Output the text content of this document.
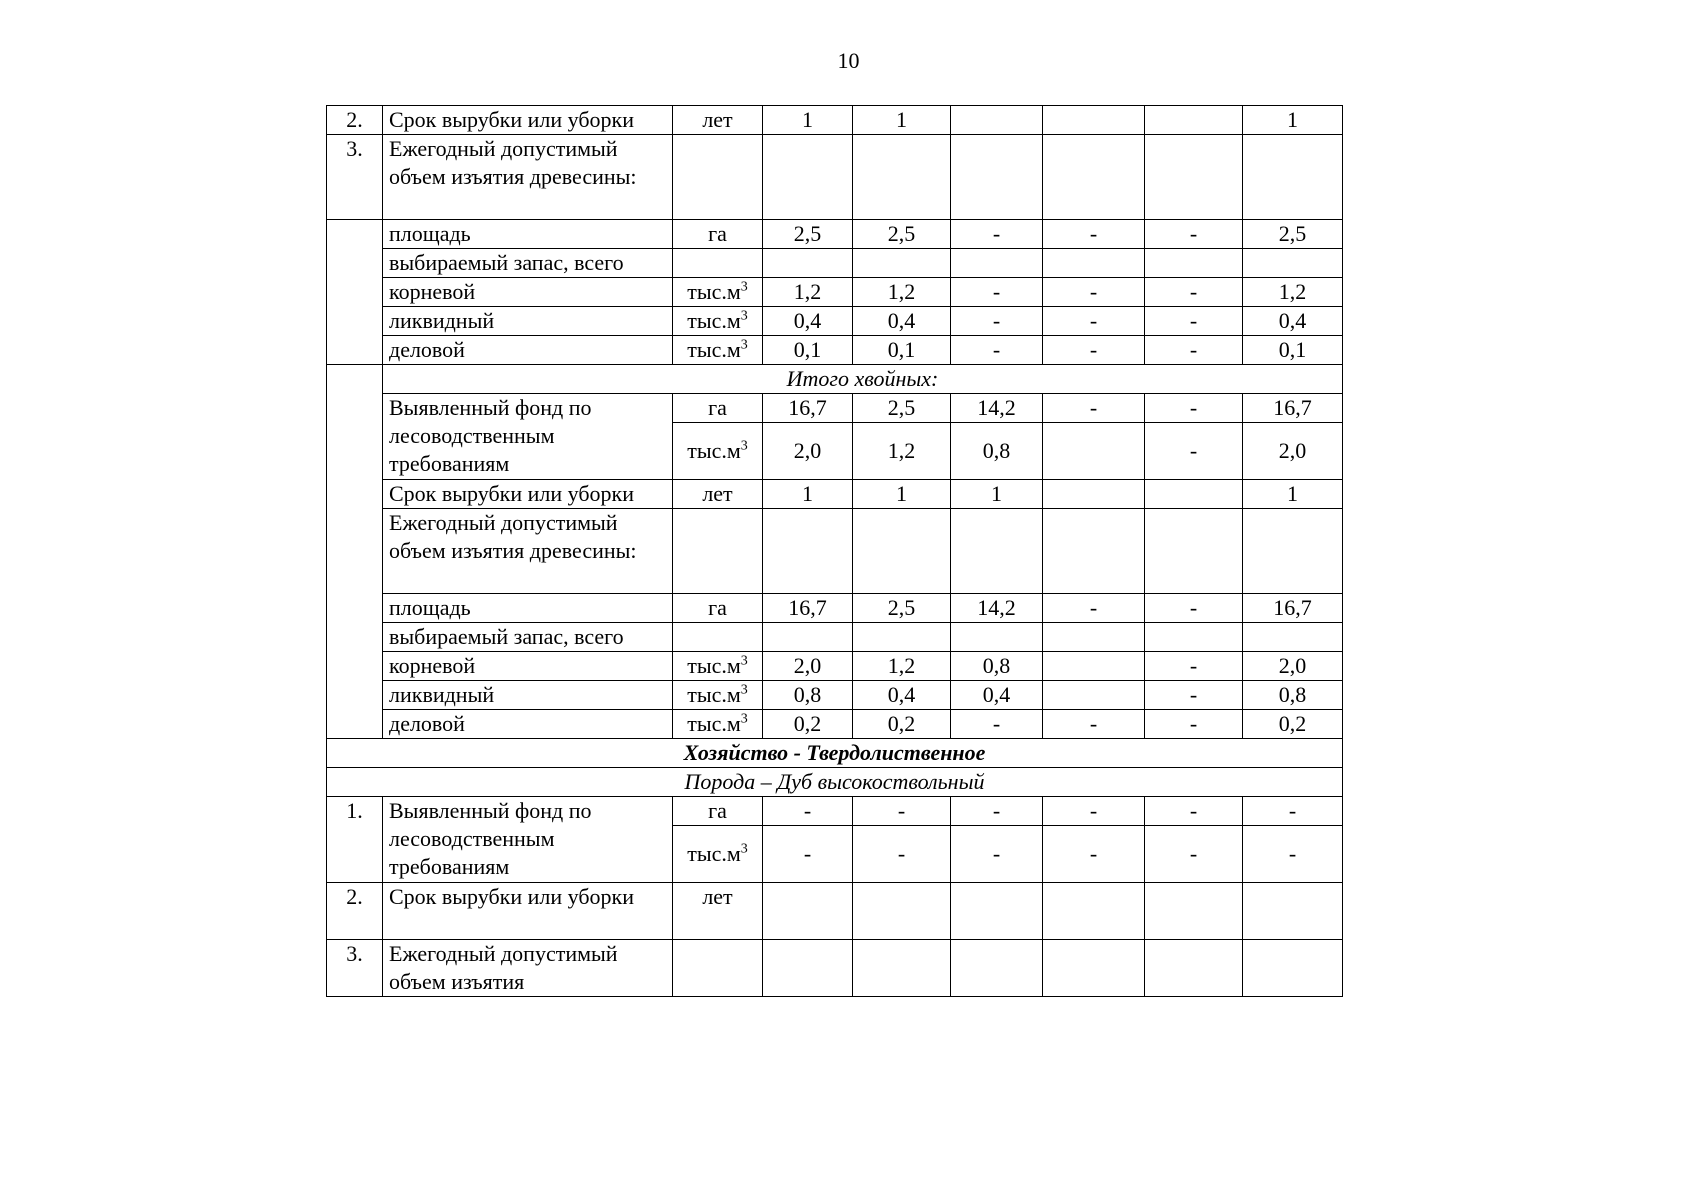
10
2.	Срок вырубки или уборки	лет	1	1				1
3.	Ежегодный допустимый объем изъятия древесины:							
	площадь	га	2,5	2,5	-	-	-	2,5
	выбираемый запас, всего							
	корневой	$тыс.м^3$	1,2	1,2	-	-	-	1,2
	ликвидный	$тыс.м^3$	0,4	0,4	-	-	-	0,4
	деловой	$тыс.м^3$	0,1	0,1	-	-	-	0,1
	Итого хвойных:							
	Выявленный фонд по лесоводственным требованиям	га	16,7	2,5	14,2	-	-	16,7
		$тыс.м^3$	2,0	1,2	0,8		-	2,0
	Срок вырубки или уборки	лет	1	1	1			1
	Ежегодный допустимый объем изъятия древесины:							
	площадь	га	16,7	2,5	14,2	-	-	16,7
	выбираемый запас, всего							
	корневой	$тыс.м^3$	2,0	1,2	0,8		-	2,0
	ликвидный	$тыс.м^3$	0,8	0,4	0,4		-	0,8
	деловой	$тыс.м^3$	0,2	0,2	-	-	-	0,2
Хозяйство - Твердолиственное								
Порода – Дуб высокоствольный								
1.	Выявленный фонд по лесоводственным требованиям	га	-	-	-	-	-	-
		$тыс.м^3$	-	-	-	-	-	-
2.	Срок вырубки или уборки	лет						
3.	Ежегодный допустимый объем изъятия							
